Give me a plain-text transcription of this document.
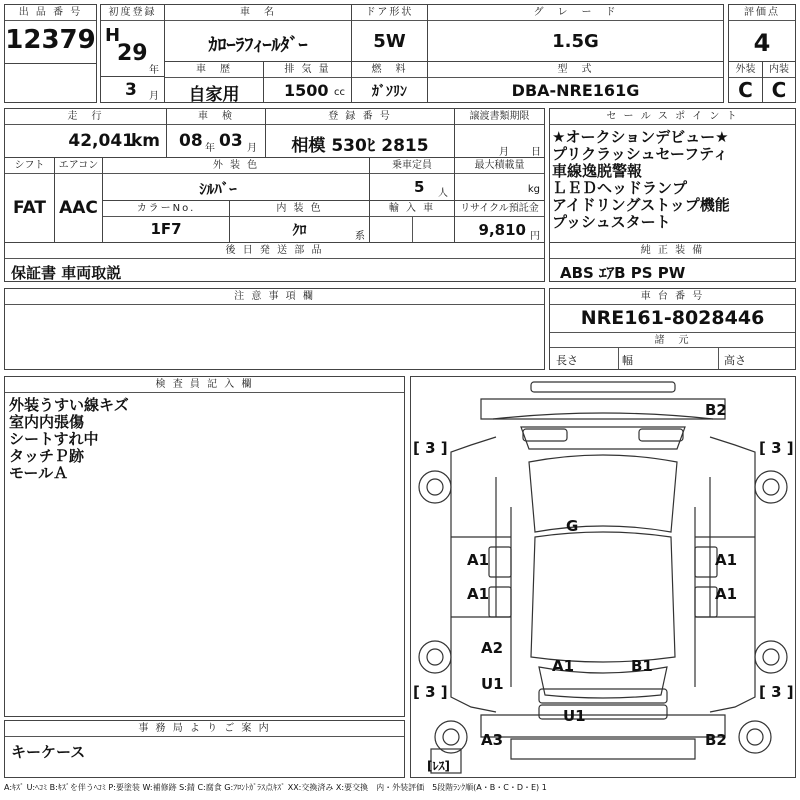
出 品 番 号
12379
初度登録
H
29
年
3 月
車　名
ｶﾛｰﾗﾌｨｰﾙﾀﾞｰ
ドア形状
5W
グ　レ　ー　ド
1.5G
評価点
4
車　歴
自家用
排 気 量
1500 cc
燃　料
ｶﾞｿﾘﾝ
型　式
DBA-NRE161G
外装
C
内装
C
走　行
42,041
km
車　検
08 年 03 月
登 録 番 号
相模 530ﾋ 2815
譲渡書類期限
月 日
シフト
FAT
エアコン
AAC
外 装 色
ｼﾙﾊﾞｰ
乗車定員
5 人
最大積載量
kg
カラーNo.
1F7
内 装 色
ｸﾛ	系
輸 入 車	リサイクル預託金
9,810 円
セ ー ル ス ポ イ ン ト
★オークションデビュー★
プリクラッシュセーフティ
車線逸脱警報
ＬＥＤヘッドランプ
アイドリングストップ機能
プッシュスタート
後 日 発 送 部 品
保証書 車両取説
純 正 装 備
ABS ｴｱB PS PW
注 意 事 項 欄	車 台 番 号
NRE161-8028446
諸　元
長さ	幅	高さ
検 査 員 記 入 欄
外装うすい線キズ
室内内張傷
シートすれ中
タッチＰ跡
モールＡ
事 務 局 よ り ご 案 内
キーケース
B2
[ 3 ]	[ 3 ]
G
A1	A1
A1	A1
A2
U1
A1	B1
[ 3 ]	[ 3 ]
U1
A3	B2
[ﾚｽ]
A:ｷｽﾞ U:ﾍｺﾐ B:ｷｽﾞを伴うﾍｺﾐ P:要塗装 W:補修跡 S:錆 C:腐食 G:ﾌﾛﾝﾄｶﾞﾗｽ点ｷｽﾞ XX:交換済み X:要交換　内・外装評価　5段階ﾗﾝｸ順(A・B・C・D・E) 1
